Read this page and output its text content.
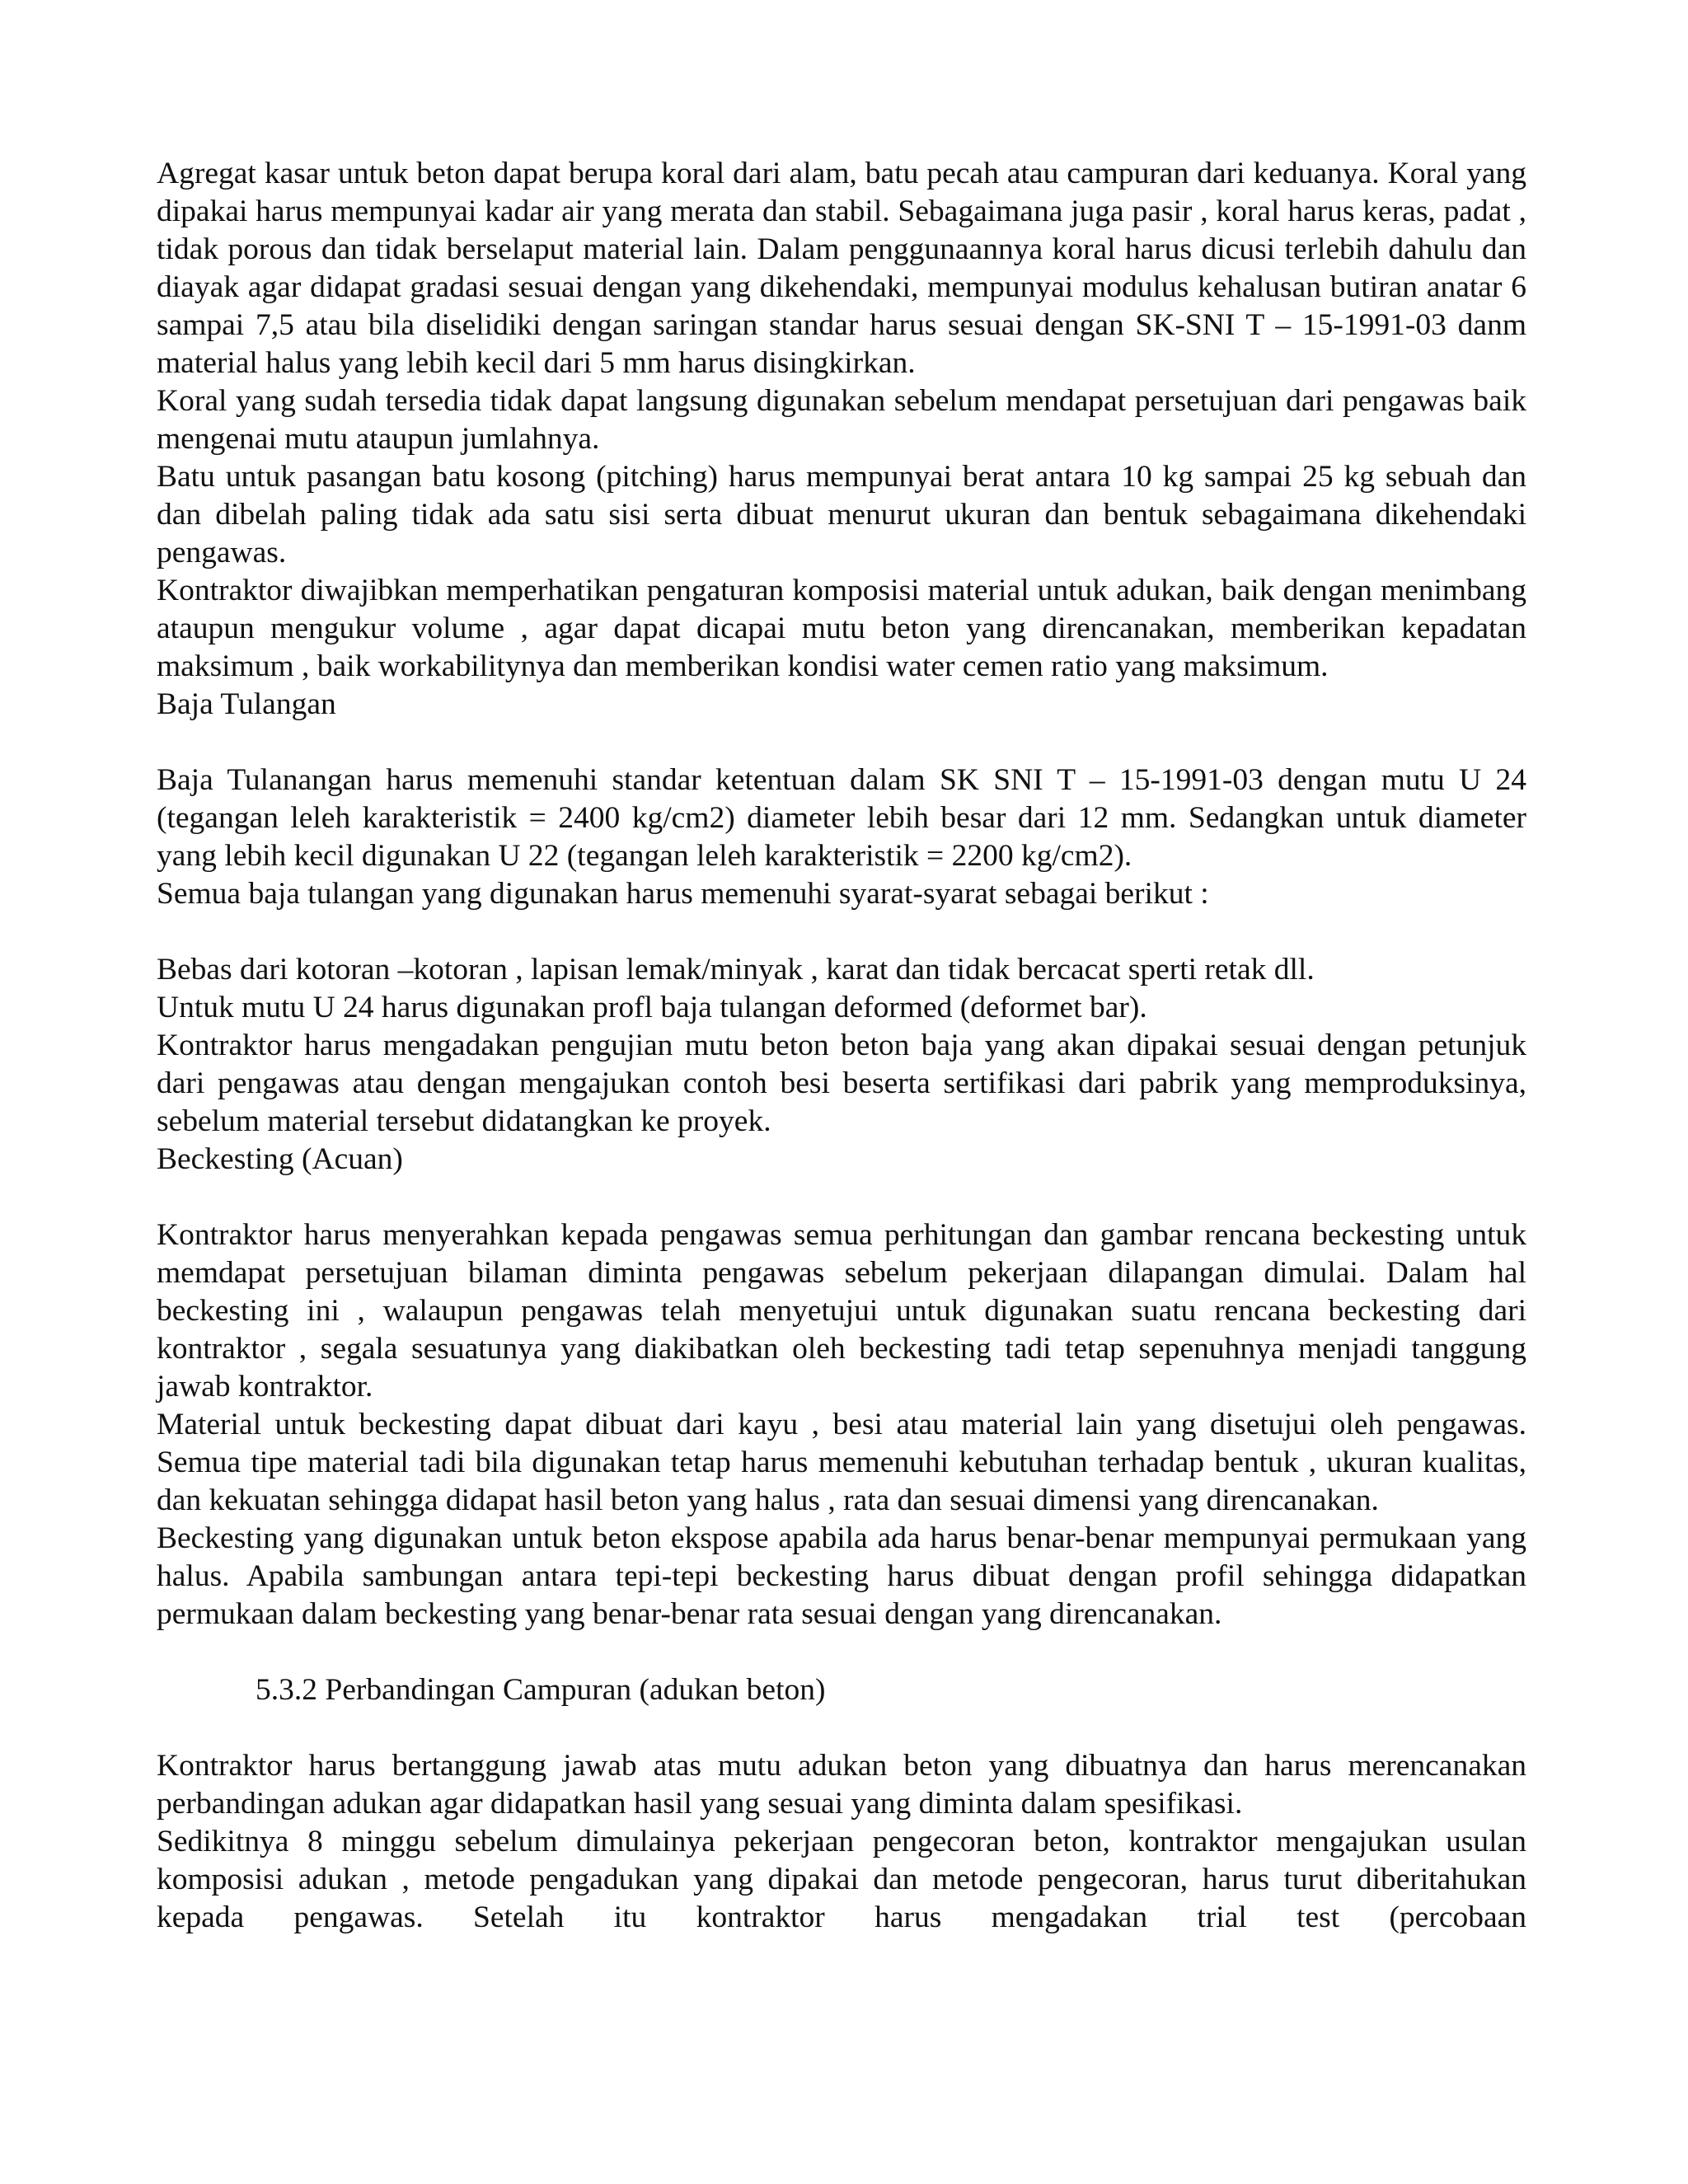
Agregat kasar untuk beton dapat berupa koral dari alam, batu pecah atau campuran dari keduanya. Koral yang dipakai harus mempunyai kadar air yang merata dan stabil. Sebagaimana juga pasir , koral harus keras, padat , tidak porous dan tidak berselaput material lain. Dalam penggunaannya koral harus dicusi terlebih dahulu dan diayak agar didapat gradasi sesuai dengan yang dikehendaki, mempunyai modulus kehalusan butiran anatar 6 sampai 7,5 atau bila diselidiki dengan saringan standar harus sesuai dengan SK-SNI T – 15-1991-03 danm material halus yang lebih kecil dari 5 mm harus disingkirkan.

Koral yang sudah tersedia tidak dapat langsung digunakan sebelum mendapat persetujuan dari pengawas baik mengenai mutu ataupun jumlahnya.

Batu untuk pasangan batu kosong (pitching) harus mempunyai berat antara 10 kg sampai 25 kg sebuah dan dan dibelah paling tidak ada satu sisi serta dibuat menurut ukuran dan bentuk sebagaimana dikehendaki pengawas.

Kontraktor diwajibkan memperhatikan pengaturan komposisi material untuk adukan, baik dengan menimbang ataupun mengukur volume , agar dapat dicapai mutu beton yang direncanakan, memberikan kepadatan maksimum , baik workabilitynya dan memberikan kondisi water cemen ratio yang maksimum.

Baja Tulangan

Baja Tulanangan harus memenuhi standar ketentuan dalam SK SNI T – 15-1991-03 dengan mutu U 24 (tegangan leleh karakteristik = 2400 kg/cm2) diameter lebih besar dari 12 mm. Sedangkan untuk diameter yang lebih kecil digunakan U 22 (tegangan leleh karakteristik = 2200 kg/cm2).

Semua baja tulangan yang digunakan harus memenuhi syarat-syarat sebagai berikut :

Bebas dari kotoran –kotoran , lapisan lemak/minyak , karat dan tidak bercacat sperti retak dll.

Untuk mutu U 24 harus digunakan profl baja tulangan deformed (deformet bar).

Kontraktor harus mengadakan pengujian mutu beton beton baja yang akan dipakai sesuai dengan petunjuk dari pengawas atau dengan mengajukan contoh besi beserta sertifikasi dari pabrik yang memproduksinya, sebelum material tersebut didatangkan ke proyek.

Beckesting (Acuan)

Kontraktor harus menyerahkan kepada pengawas semua perhitungan dan gambar rencana beckesting untuk memdapat persetujuan bilaman diminta pengawas sebelum pekerjaan dilapangan dimulai. Dalam hal beckesting ini , walaupun pengawas telah menyetujui untuk digunakan suatu rencana beckesting dari kontraktor , segala sesuatunya yang diakibatkan oleh beckesting tadi tetap sepenuhnya menjadi tanggung jawab kontraktor.

Material untuk beckesting dapat dibuat dari kayu , besi atau material lain yang disetujui oleh pengawas. Semua tipe material tadi bila digunakan tetap harus memenuhi kebutuhan terhadap bentuk , ukuran kualitas, dan kekuatan sehingga didapat hasil beton yang halus , rata dan sesuai dimensi yang direncanakan.

Beckesting yang digunakan untuk beton ekspose apabila ada harus benar-benar mempunyai permukaan yang halus. Apabila sambungan antara tepi-tepi beckesting harus dibuat dengan profil sehingga didapatkan permukaan dalam beckesting yang benar-benar rata sesuai dengan yang direncanakan.

5.3.2 Perbandingan Campuran (adukan beton)

Kontraktor harus bertanggung jawab atas mutu adukan beton yang dibuatnya dan harus merencanakan perbandingan adukan agar didapatkan hasil yang sesuai yang diminta dalam spesifikasi.

Sedikitnya 8 minggu sebelum dimulainya pekerjaan pengecoran beton, kontraktor mengajukan usulan komposisi adukan , metode pengadukan yang dipakai dan metode pengecoran, harus turut diberitahukan kepada pengawas. Setelah itu kontraktor harus mengadakan trial test (percobaan
